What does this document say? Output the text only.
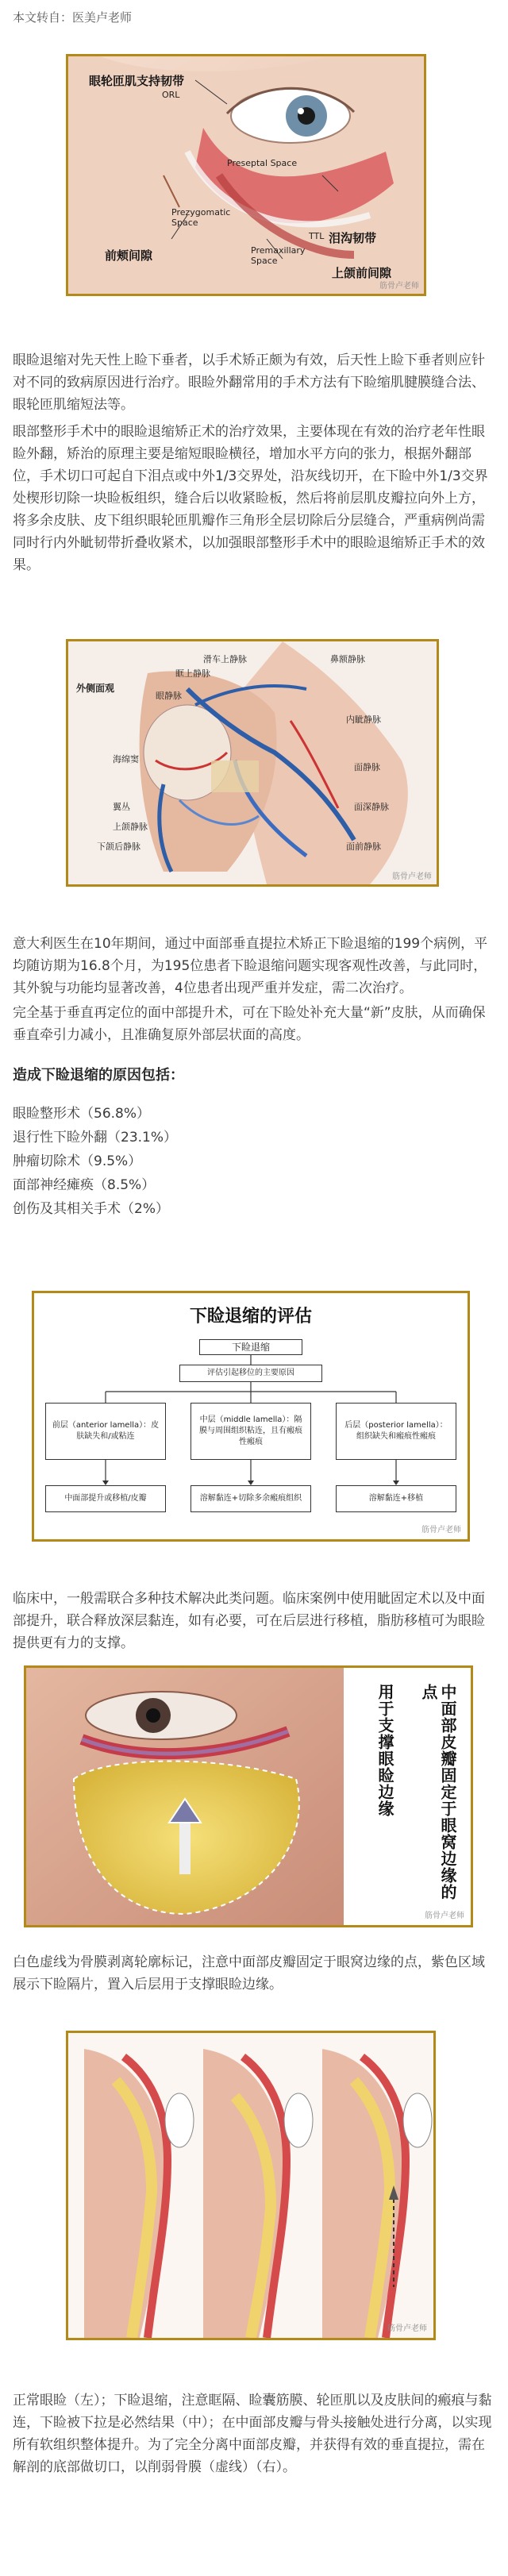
本文转自：医美卢老师
眼轮匝肌支持韧带
ORL
Preseptal Space
TTL 泪沟韧带
Prezygomatic Space
前颊间隙	Premaxillary Space
上颌前间隙
筋骨卢老师
眼睑退缩对先天性上睑下垂者，以手术矫正颇为有效，后天性上睑下垂者则应针对不同的致病原因进行治疗。眼睑外翻常用的手术方法有下睑缩肌腱膜缝合法、眼轮匝肌缩短法等。
眼部整形手术中的眼睑退缩矫正术的治疗效果，主要体现在有效的治疗老年性眼睑外翻，矫治的原理主要是缩短眼睑横径，增加水平方向的张力，根据外翻部位，手术切口可起自下泪点或中外1/3交界处，沿灰线切开，在下睑中外1/3交界处楔形切除一块睑板组织，缝合后以收紧睑板，然后将前层肌皮瓣拉向外上方，将多余皮肤、皮下组织眼轮匝肌瓣作三角形全层切除后分层缝合，严重病例尚需同时行内外眦韧带折叠收紧术，以加强眼部整形手术中的眼睑退缩矫正手术的效果。
滑车上静脉
眶上静脉
眼静脉
外侧面观
海绵窦
翼丛
上颌静脉
下颌后静脉
鼻额静脉
内眦静脉
面静脉
面深静脉
面前静脉
筋骨卢老师
意大利医生在10年期间，通过中面部垂直提拉术矫正下睑退缩的199个病例，平均随访期为16.8个月，为195位患者下睑退缩问题实现客观性改善，与此同时，其外貌与功能均显著改善，4位患者出现严重并发症，需二次治疗。
完全基于垂直再定位的面中部提升术，可在下睑处补充大量“新”皮肤，从而确保垂直牵引力减小，且准确复原外部层状面的高度。
造成下睑退缩的原因包括：
眼睑整形术（56.8%）
退行性下睑外翻（23.1%）
肿瘤切除术（9.5%）
面部神经瘫痪（8.5%）
创伤及其相关手术（2%）
下睑退缩的评估
下睑退缩
评估引起移位的主要原因
前层（anterior lamella）：皮肤缺失和/或粘连
中层（middle lamella）：隔膜与周围组织粘连，且有瘢痕性瘢痕
后层（posterior lamella）：组织缺失和瘢痕性瘢痕
中面部提升或移植/皮瓣	溶解黏连+切除多余瘢痕组织	溶解黏连+移植
筋骨卢老师
临床中，一般需联合多种技术解决此类问题。临床案例中使用眦固定术以及中面部提升，联合释放深层黏连，如有必要，可在后层进行移植，脂肪移植可为眼睑提供更有力的支撑。
中面部皮瓣固定于眼窝边缘的点
用于支撑眼睑边缘
筋骨卢老师
白色虚线为骨膜剥离轮廓标记，注意中面部皮瓣固定于眼窝边缘的点，紫色区域展示下睑隔片，置入后层用于支撑眼睑边缘。
筋骨卢老师
正常眼睑（左）；下睑退缩，注意眶隔、睑囊筋膜、轮匝肌以及皮肤间的瘢痕与黏连，下睑被下拉是必然结果（中）；在中面部皮瓣与骨头接触处进行分离，以实现所有软组织整体提升。为了完全分离中面部皮瓣，并获得有效的垂直提拉，需在解剖的底部做切口，以削弱骨膜（虚线）（右）。
